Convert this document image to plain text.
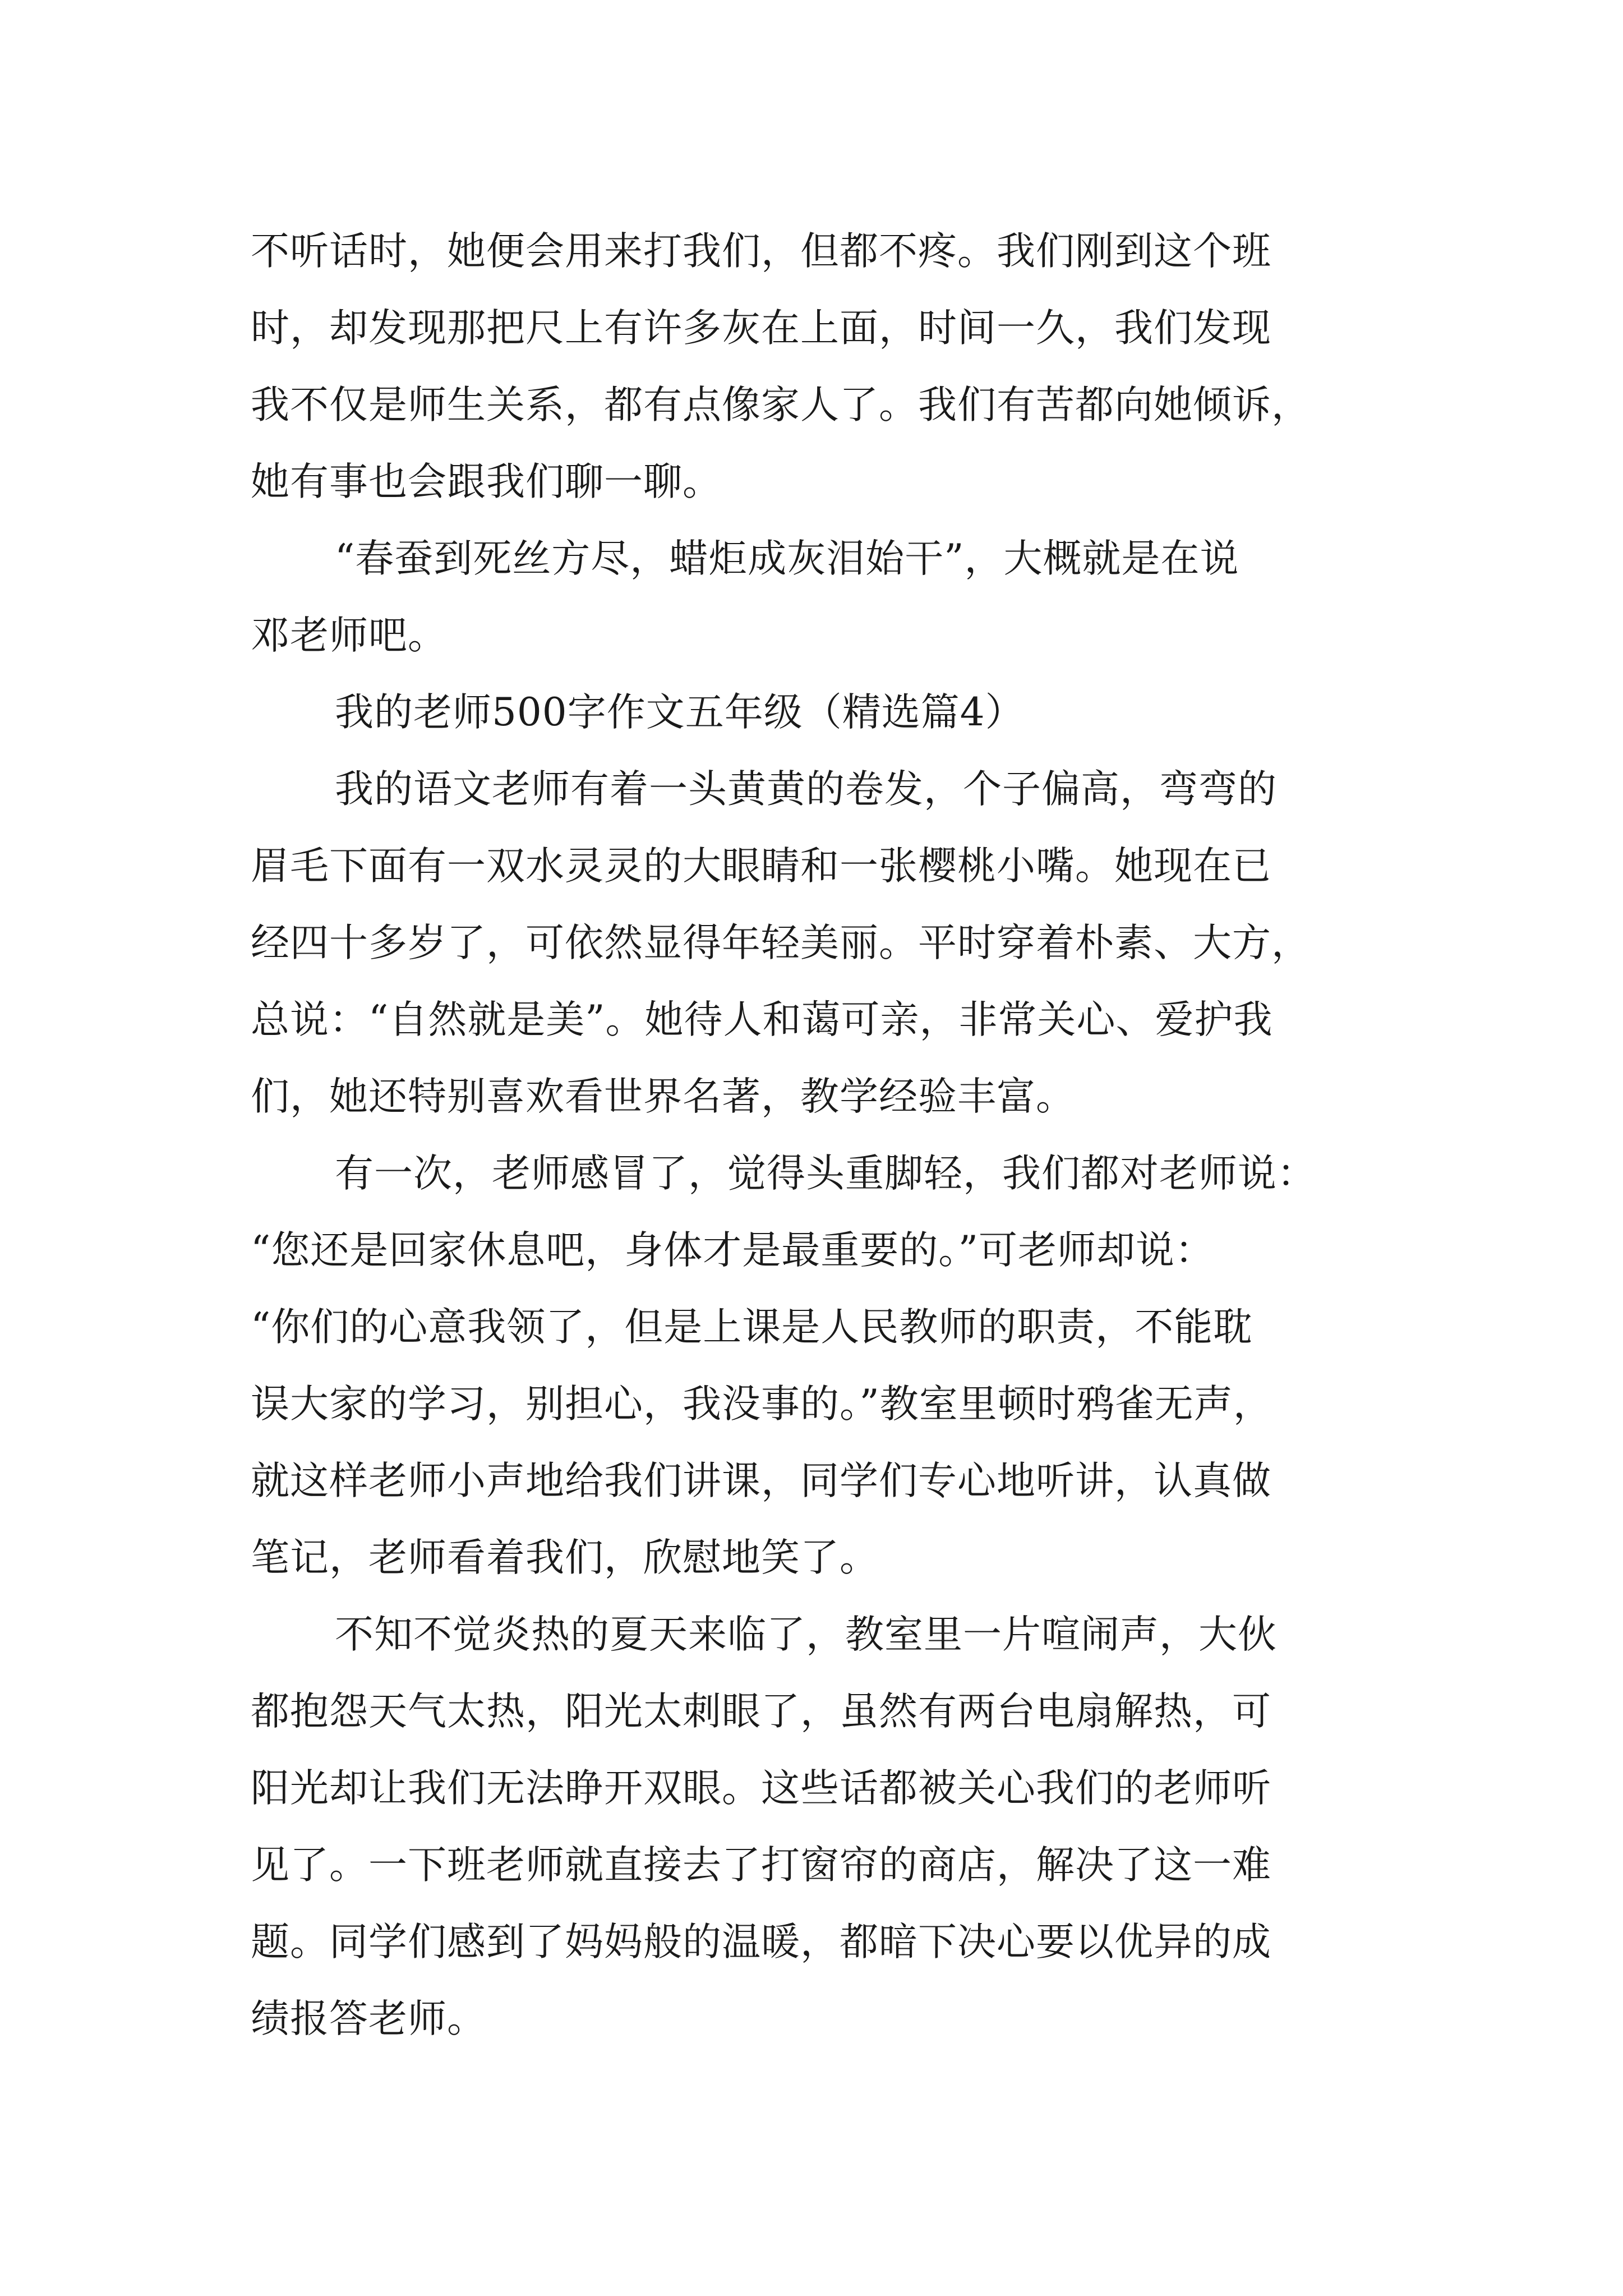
不听话时，她便会用来打我们，但都不疼。我们刚到这个班
时，却发现那把尺上有许多灰在上面，时间一久，我们发现
我不仅是师生关系，都有点像家人了。我们有苦都向她倾诉，
她有事也会跟我们聊一聊。
“春蚕到死丝方尽，蜡炬成灰泪始干”，大概就是在说
邓老师吧。
我的老师500字作文五年级（精选篇4）
我的语文老师有着一头黄黄的卷发，个子偏高，弯弯的
眉毛下面有一双水灵灵的大眼睛和一张樱桃小嘴。她现在已
经四十多岁了，可依然显得年轻美丽。平时穿着朴素、大方，
总说：“自然就是美”。她待人和蔼可亲，非常关心、爱护我
们，她还特别喜欢看世界名著，教学经验丰富。
有一次，老师感冒了，觉得头重脚轻，我们都对老师说：
“您还是回家休息吧，身体才是最重要的。”可老师却说：
“你们的心意我领了，但是上课是人民教师的职责，不能耽
误大家的学习，别担心，我没事的。”教室里顿时鸦雀无声，
就这样老师小声地给我们讲课，同学们专心地听讲，认真做
笔记，老师看着我们，欣慰地笑了。
不知不觉炎热的夏天来临了，教室里一片喧闹声，大伙
都抱怨天气太热，阳光太刺眼了，虽然有两台电扇解热，可
阳光却让我们无法睁开双眼。这些话都被关心我们的老师听
见了。一下班老师就直接去了打窗帘的商店，解决了这一难
题。同学们感到了妈妈般的温暖，都暗下决心要以优异的成
绩报答老师。
